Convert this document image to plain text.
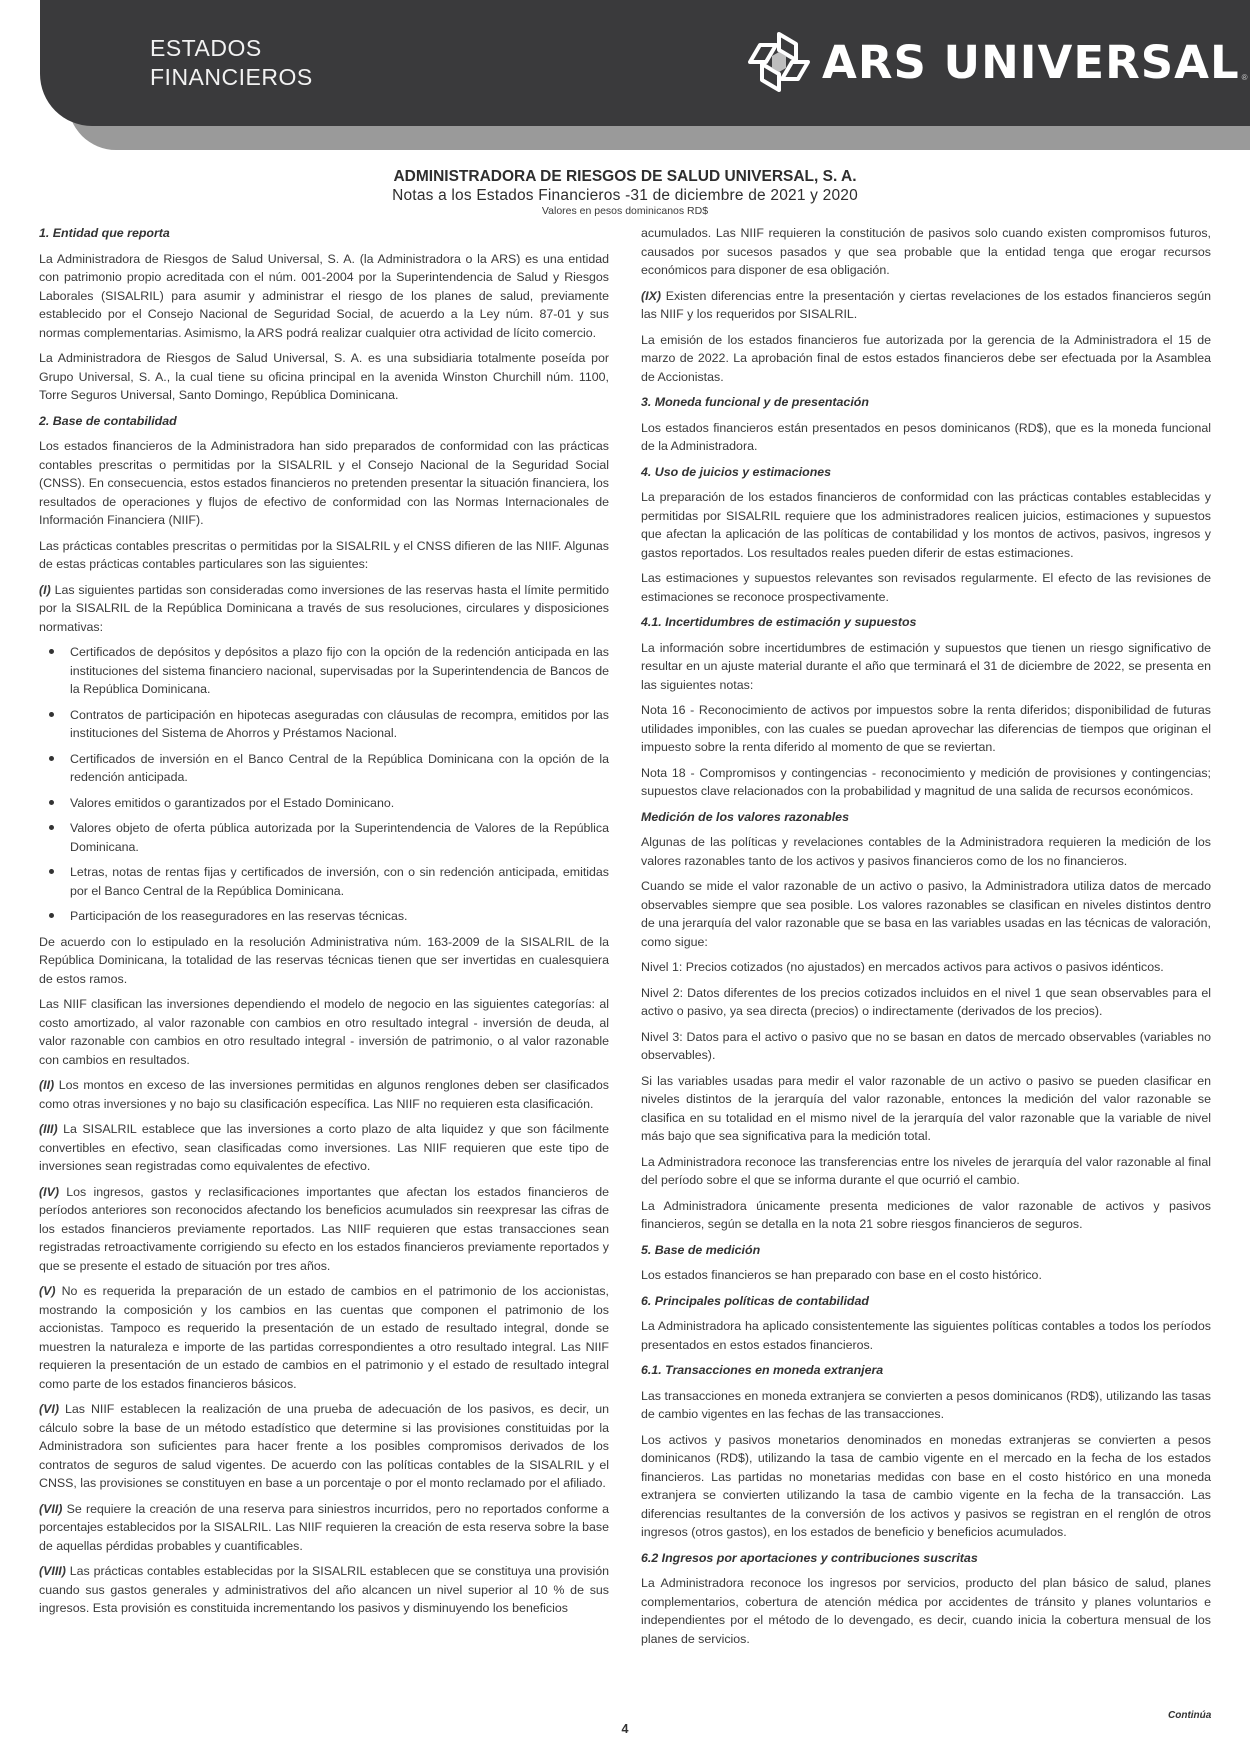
ESTADOS
FINANCIEROS	ARS UNIVERSAL ®
ADMINISTRADORA DE RIESGOS DE SALUD UNIVERSAL, S. A.
Notas a los Estados Financieros -31 de diciembre de 2021 y 2020
Valores en pesos dominicanos RD$

1. Entidad que reporta

La Administradora de Riesgos de Salud Universal, S. A. (la Administradora o la ARS) es una entidad con patrimonio propio acreditada con el núm. 001-2004 por la Superintendencia de Salud y Riesgos Laborales (SISALRIL) para asumir y administrar el riesgo de los planes de salud, previamente establecido por el Consejo Nacional de Seguridad Social, de acuerdo a la Ley núm. 87-01 y sus normas complementarias. Asimismo, la ARS podrá realizar cualquier otra actividad de lícito comercio.

La Administradora de Riesgos de Salud Universal, S. A. es una subsidiaria totalmente poseída por Grupo Universal, S. A., la cual tiene su oficina principal en la avenida Winston Churchill núm. 1100, Torre Seguros Universal, Santo Domingo, República Dominicana.

2. Base de contabilidad

Los estados financieros de la Administradora han sido preparados de conformidad con las prácticas contables prescritas o permitidas por la SISALRIL y el Consejo Nacional de la Seguridad Social (CNSS). En consecuencia, estos estados financieros no pretenden presentar la situación financiera, los resultados de operaciones y flujos de efectivo de conformidad con las Normas Internacionales de Información Financiera (NIIF).

Las prácticas contables prescritas o permitidas por la SISALRIL y el CNSS difieren de las NIIF. Algunas de estas prácticas contables particulares son las siguientes:

(I) Las siguientes partidas son consideradas como inversiones de las reservas hasta el límite permitido por la SISALRIL de la República Dominicana a través de sus resoluciones, circulares y disposiciones normativas:

Certificados de depósitos y depósitos a plazo fijo con la opción de la redención anticipada en las instituciones del sistema financiero nacional, supervisadas por la Superintendencia de Bancos de la República Dominicana.
Contratos de participación en hipotecas aseguradas con cláusulas de recompra, emitidos por las instituciones del Sistema de Ahorros y Préstamos Nacional.
Certificados de inversión en el Banco Central de la República Dominicana con la opción de la redención anticipada.
Valores emitidos o garantizados por el Estado Dominicano.
Valores objeto de oferta pública autorizada por la Superintendencia de Valores de la República Dominicana.
Letras, notas de rentas fijas y certificados de inversión, con o sin redención anticipada, emitidas por el Banco Central de la República Dominicana.
Participación de los reaseguradores en las reservas técnicas.

De acuerdo con lo estipulado en la resolución Administrativa núm. 163-2009 de la SISALRIL de la República Dominicana, la totalidad de las reservas técnicas tienen que ser invertidas en cualesquiera de estos ramos.

Las NIIF clasifican las inversiones dependiendo el modelo de negocio en las siguientes categorías: al costo amortizado, al valor razonable con cambios en otro resultado integral - inversión de deuda, al valor razonable con cambios en otro resultado integral - inversión de patrimonio, o al valor razonable con cambios en resultados.

(II) Los montos en exceso de las inversiones permitidas en algunos renglones deben ser clasificados como otras inversiones y no bajo su clasificación específica. Las NIIF no requieren esta clasificación.

(III) La SISALRIL establece que las inversiones a corto plazo de alta liquidez y que son fácilmente convertibles en efectivo, sean clasificadas como inversiones. Las NIIF requieren que este tipo de inversiones sean registradas como equivalentes de efectivo.

(IV) Los ingresos, gastos y reclasificaciones importantes que afectan los estados financieros de períodos anteriores son reconocidos afectando los beneficios acumulados sin reexpresar las cifras de los estados financieros previamente reportados. Las NIIF requieren que estas transacciones sean registradas retroactivamente corrigiendo su efecto en los estados financieros previamente reportados y que se presente el estado de situación por tres años.

(V) No es requerida la preparación de un estado de cambios en el patrimonio de los accionistas, mostrando la composición y los cambios en las cuentas que componen el patrimonio de los accionistas. Tampoco es requerido la presentación de un estado de resultado integral, donde se muestren la naturaleza e importe de las partidas correspondientes a otro resultado integral. Las NIIF requieren la presentación de un estado de cambios en el patrimonio y el estado de resultado integral como parte de los estados financieros básicos.

(VI) Las NIIF establecen la realización de una prueba de adecuación de los pasivos, es decir, un cálculo sobre la base de un método estadístico que determine si las provisiones constituidas por la Administradora son suficientes para hacer frente a los posibles compromisos derivados de los contratos de seguros de salud vigentes. De acuerdo con las políticas contables de la SISALRIL y el CNSS, las provisiones se constituyen en base a un porcentaje o por el monto reclamado por el afiliado.

(VII) Se requiere la creación de una reserva para siniestros incurridos, pero no reportados conforme a porcentajes establecidos por la SISALRIL. Las NIIF requieren la creación de esta reserva sobre la base de aquellas pérdidas probables y cuantificables.

(VIII) Las prácticas contables establecidas por la SISALRIL establecen que se constituya una provisión cuando sus gastos generales y administrativos del año alcancen un nivel superior al 10 % de sus ingresos. Esta provisión es constituida incrementando los pasivos y disminuyendo los beneficios

acumulados. Las NIIF requieren la constitución de pasivos solo cuando existen compromisos futuros, causados por sucesos pasados y que sea probable que la entidad tenga que erogar recursos económicos para disponer de esa obligación.

(IX) Existen diferencias entre la presentación y ciertas revelaciones de los estados financieros según las NIIF y los requeridos por SISALRIL.

La emisión de los estados financieros fue autorizada por la gerencia de la Administradora el 15 de marzo de 2022. La aprobación final de estos estados financieros debe ser efectuada por la Asamblea de Accionistas.

3. Moneda funcional y de presentación

Los estados financieros están presentados en pesos dominicanos (RD$), que es la moneda funcional de la Administradora.

4. Uso de juicios y estimaciones

La preparación de los estados financieros de conformidad con las prácticas contables establecidas y permitidas por SISALRIL requiere que los administradores realicen juicios, estimaciones y supuestos que afectan la aplicación de las políticas de contabilidad y los montos de activos, pasivos, ingresos y gastos reportados. Los resultados reales pueden diferir de estas estimaciones.

Las estimaciones y supuestos relevantes son revisados regularmente. El efecto de las revisiones de estimaciones se reconoce prospectivamente.

4.1. Incertidumbres de estimación y supuestos

La información sobre incertidumbres de estimación y supuestos que tienen un riesgo significativo de resultar en un ajuste material durante el año que terminará el 31 de diciembre de 2022, se presenta en las siguientes notas:

Nota 16 - Reconocimiento de activos por impuestos sobre la renta diferidos; disponibilidad de futuras utilidades imponibles, con las cuales se puedan aprovechar las diferencias de tiempos que originan el impuesto sobre la renta diferido al momento de que se reviertan.

Nota 18 - Compromisos y contingencias - reconocimiento y medición de provisiones y contingencias; supuestos clave relacionados con la probabilidad y magnitud de una salida de recursos económicos.

Medición de los valores razonables

Algunas de las políticas y revelaciones contables de la Administradora requieren la medición de los valores razonables tanto de los activos y pasivos financieros como de los no financieros.

Cuando se mide el valor razonable de un activo o pasivo, la Administradora utiliza datos de mercado observables siempre que sea posible. Los valores razonables se clasifican en niveles distintos dentro de una jerarquía del valor razonable que se basa en las variables usadas en las técnicas de valoración, como sigue:

Nivel 1: Precios cotizados (no ajustados) en mercados activos para activos o pasivos idénticos.

Nivel 2: Datos diferentes de los precios cotizados incluidos en el nivel 1 que sean observables para el activo o pasivo, ya sea directa (precios) o indirectamente (derivados de los precios).

Nivel 3: Datos para el activo o pasivo que no se basan en datos de mercado observables (variables no observables).

Si las variables usadas para medir el valor razonable de un activo o pasivo se pueden clasificar en niveles distintos de la jerarquía del valor razonable, entonces la medición del valor razonable se clasifica en su totalidad en el mismo nivel de la jerarquía del valor razonable que la variable de nivel más bajo que sea significativa para la medición total.

La Administradora reconoce las transferencias entre los niveles de jerarquía del valor razonable al final del período sobre el que se informa durante el que ocurrió el cambio.

La Administradora únicamente presenta mediciones de valor razonable de activos y pasivos financieros, según se detalla en la nota 21 sobre riesgos financieros de seguros.

5. Base de medición

Los estados financieros se han preparado con base en el costo histórico.

6. Principales políticas de contabilidad

La Administradora ha aplicado consistentemente las siguientes políticas contables a todos los períodos presentados en estos estados financieros.

6.1. Transacciones en moneda extranjera

Las transacciones en moneda extranjera se convierten a pesos dominicanos (RD$), utilizando las tasas de cambio vigentes en las fechas de las transacciones.

Los activos y pasivos monetarios denominados en monedas extranjeras se convierten a pesos dominicanos (RD$), utilizando la tasa de cambio vigente en el mercado en la fecha de los estados financieros. Las partidas no monetarias medidas con base en el costo histórico en una moneda extranjera se convierten utilizando la tasa de cambio vigente en la fecha de la transacción. Las diferencias resultantes de la conversión de los activos y pasivos se registran en el renglón de otros ingresos (otros gastos), en los estados de beneficio y beneficios acumulados.

6.2 Ingresos por aportaciones y contribuciones suscritas

La Administradora reconoce los ingresos por servicios, producto del plan básico de salud, planes complementarios, cobertura de atención médica por accidentes de tránsito y planes voluntarios e independientes por el método de lo devengado, es decir, cuando inicia la cobertura mensual de los planes de servicios.

Continúa
4
